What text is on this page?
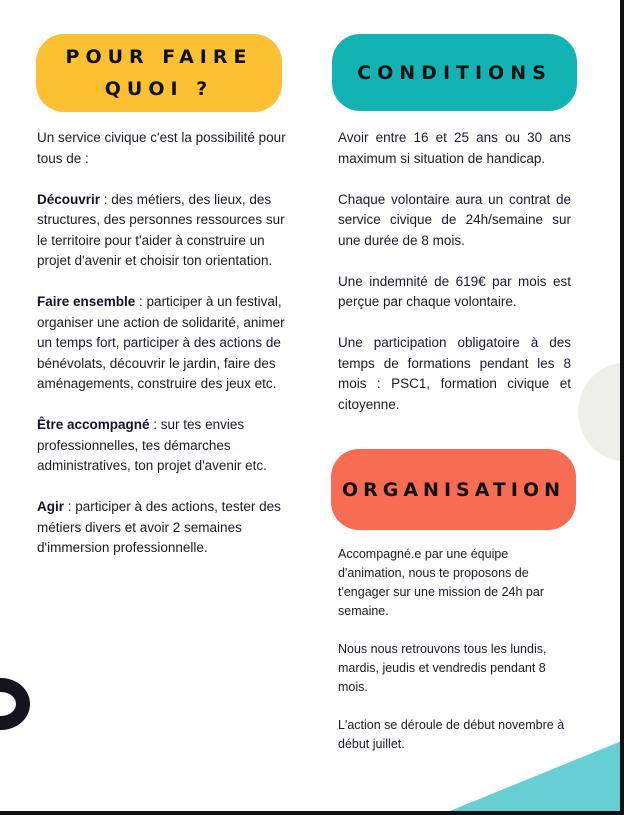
POUR FAIRE QUOI ?
CONDITIONS
ORGANISATION

Un service civique c'est la possibilité pour tous de :

Découvrir : des métiers, des lieux, des structures, des personnes ressources sur le territoire pour t'aider à construire un projet d'avenir et choisir ton orientation.

Faire ensemble : participer à un festival, organiser une action de solidarité, animer un temps fort, participer à des actions de bénévolats, découvrir le jardin, faire des aménagements, construire des jeux etc.

Être accompagné : sur tes envies professionnelles, tes démarches administratives, ton projet d'avenir etc.

Agir : participer à des actions, tester des métiers divers et avoir 2 semaines d'immersion professionnelle.

Avoir entre 16 et 25 ans ou 30 ans maximum si situation de handicap.

Chaque volontaire aura un contrat de service civique de 24h/semaine sur une durée de 8 mois.

Une indemnité de 619€ par mois est perçue par chaque volontaire.

Une participation obligatoire à des temps de formations pendant les 8 mois : PSC1, formation civique et citoyenne.

Accompagné.e par une équipe d'animation, nous te proposons de t'engager sur une mission de 24h par semaine.

Nous nous retrouvons tous les lundis, mardis, jeudis et vendredis pendant 8 mois.

L'action se déroule de début novembre à début juillet.
